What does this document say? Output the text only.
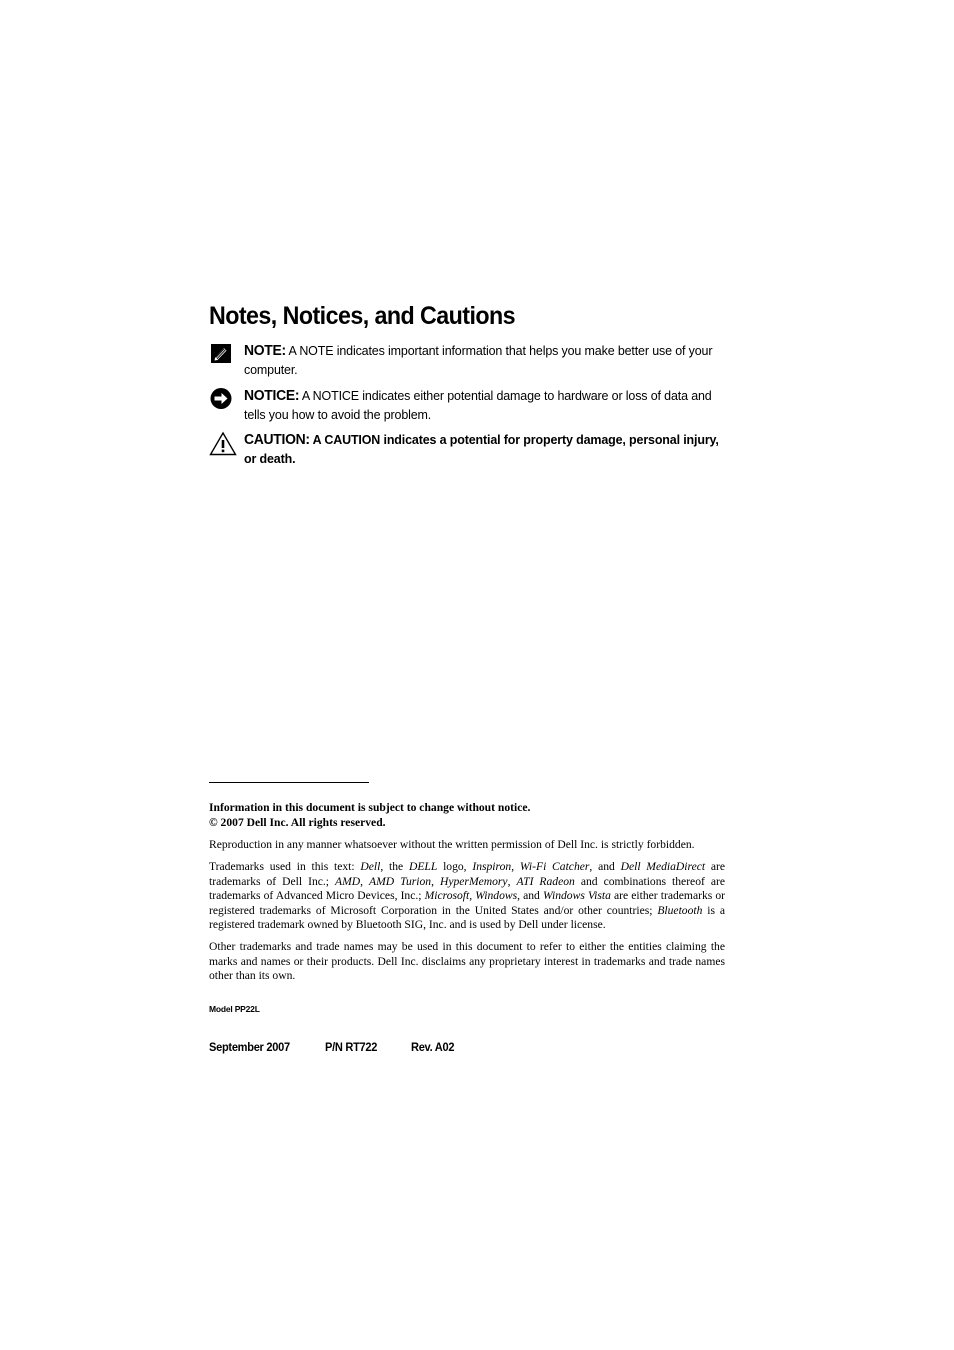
Notes, Notices, and Cautions
NOTE: A NOTE indicates important information that helps you make better use of your computer.
NOTICE: A NOTICE indicates either potential damage to hardware or loss of data and tells you how to avoid the problem.
CAUTION: A CAUTION indicates a potential for property damage, personal injury, or death.

Information in this document is subject to change without notice.
© 2007 Dell Inc. All rights reserved.

Reproduction in any manner whatsoever without the written permission of Dell Inc. is strictly forbidden.

Trademarks used in this text: Dell, the DELL logo, Inspiron, Wi-Fi Catcher, and Dell MediaDirect are trademarks of Dell Inc.; AMD, AMD Turion, HyperMemory, ATI Radeon and combinations thereof are trademarks of Advanced Micro Devices, Inc.; Microsoft, Windows, and Windows Vista are either trademarks or registered trademarks of Microsoft Corporation in the United States and/or other countries; Bluetooth is a registered trademark owned by Bluetooth SIG, Inc. and is used by Dell under license.

Other trademarks and trade names may be used in this document to refer to either the entities claiming the marks and names or their products. Dell Inc. disclaims any proprietary interest in trademarks and trade names other than its own.

Model PP22L
September 2007	P/N RT722	Rev. A02
